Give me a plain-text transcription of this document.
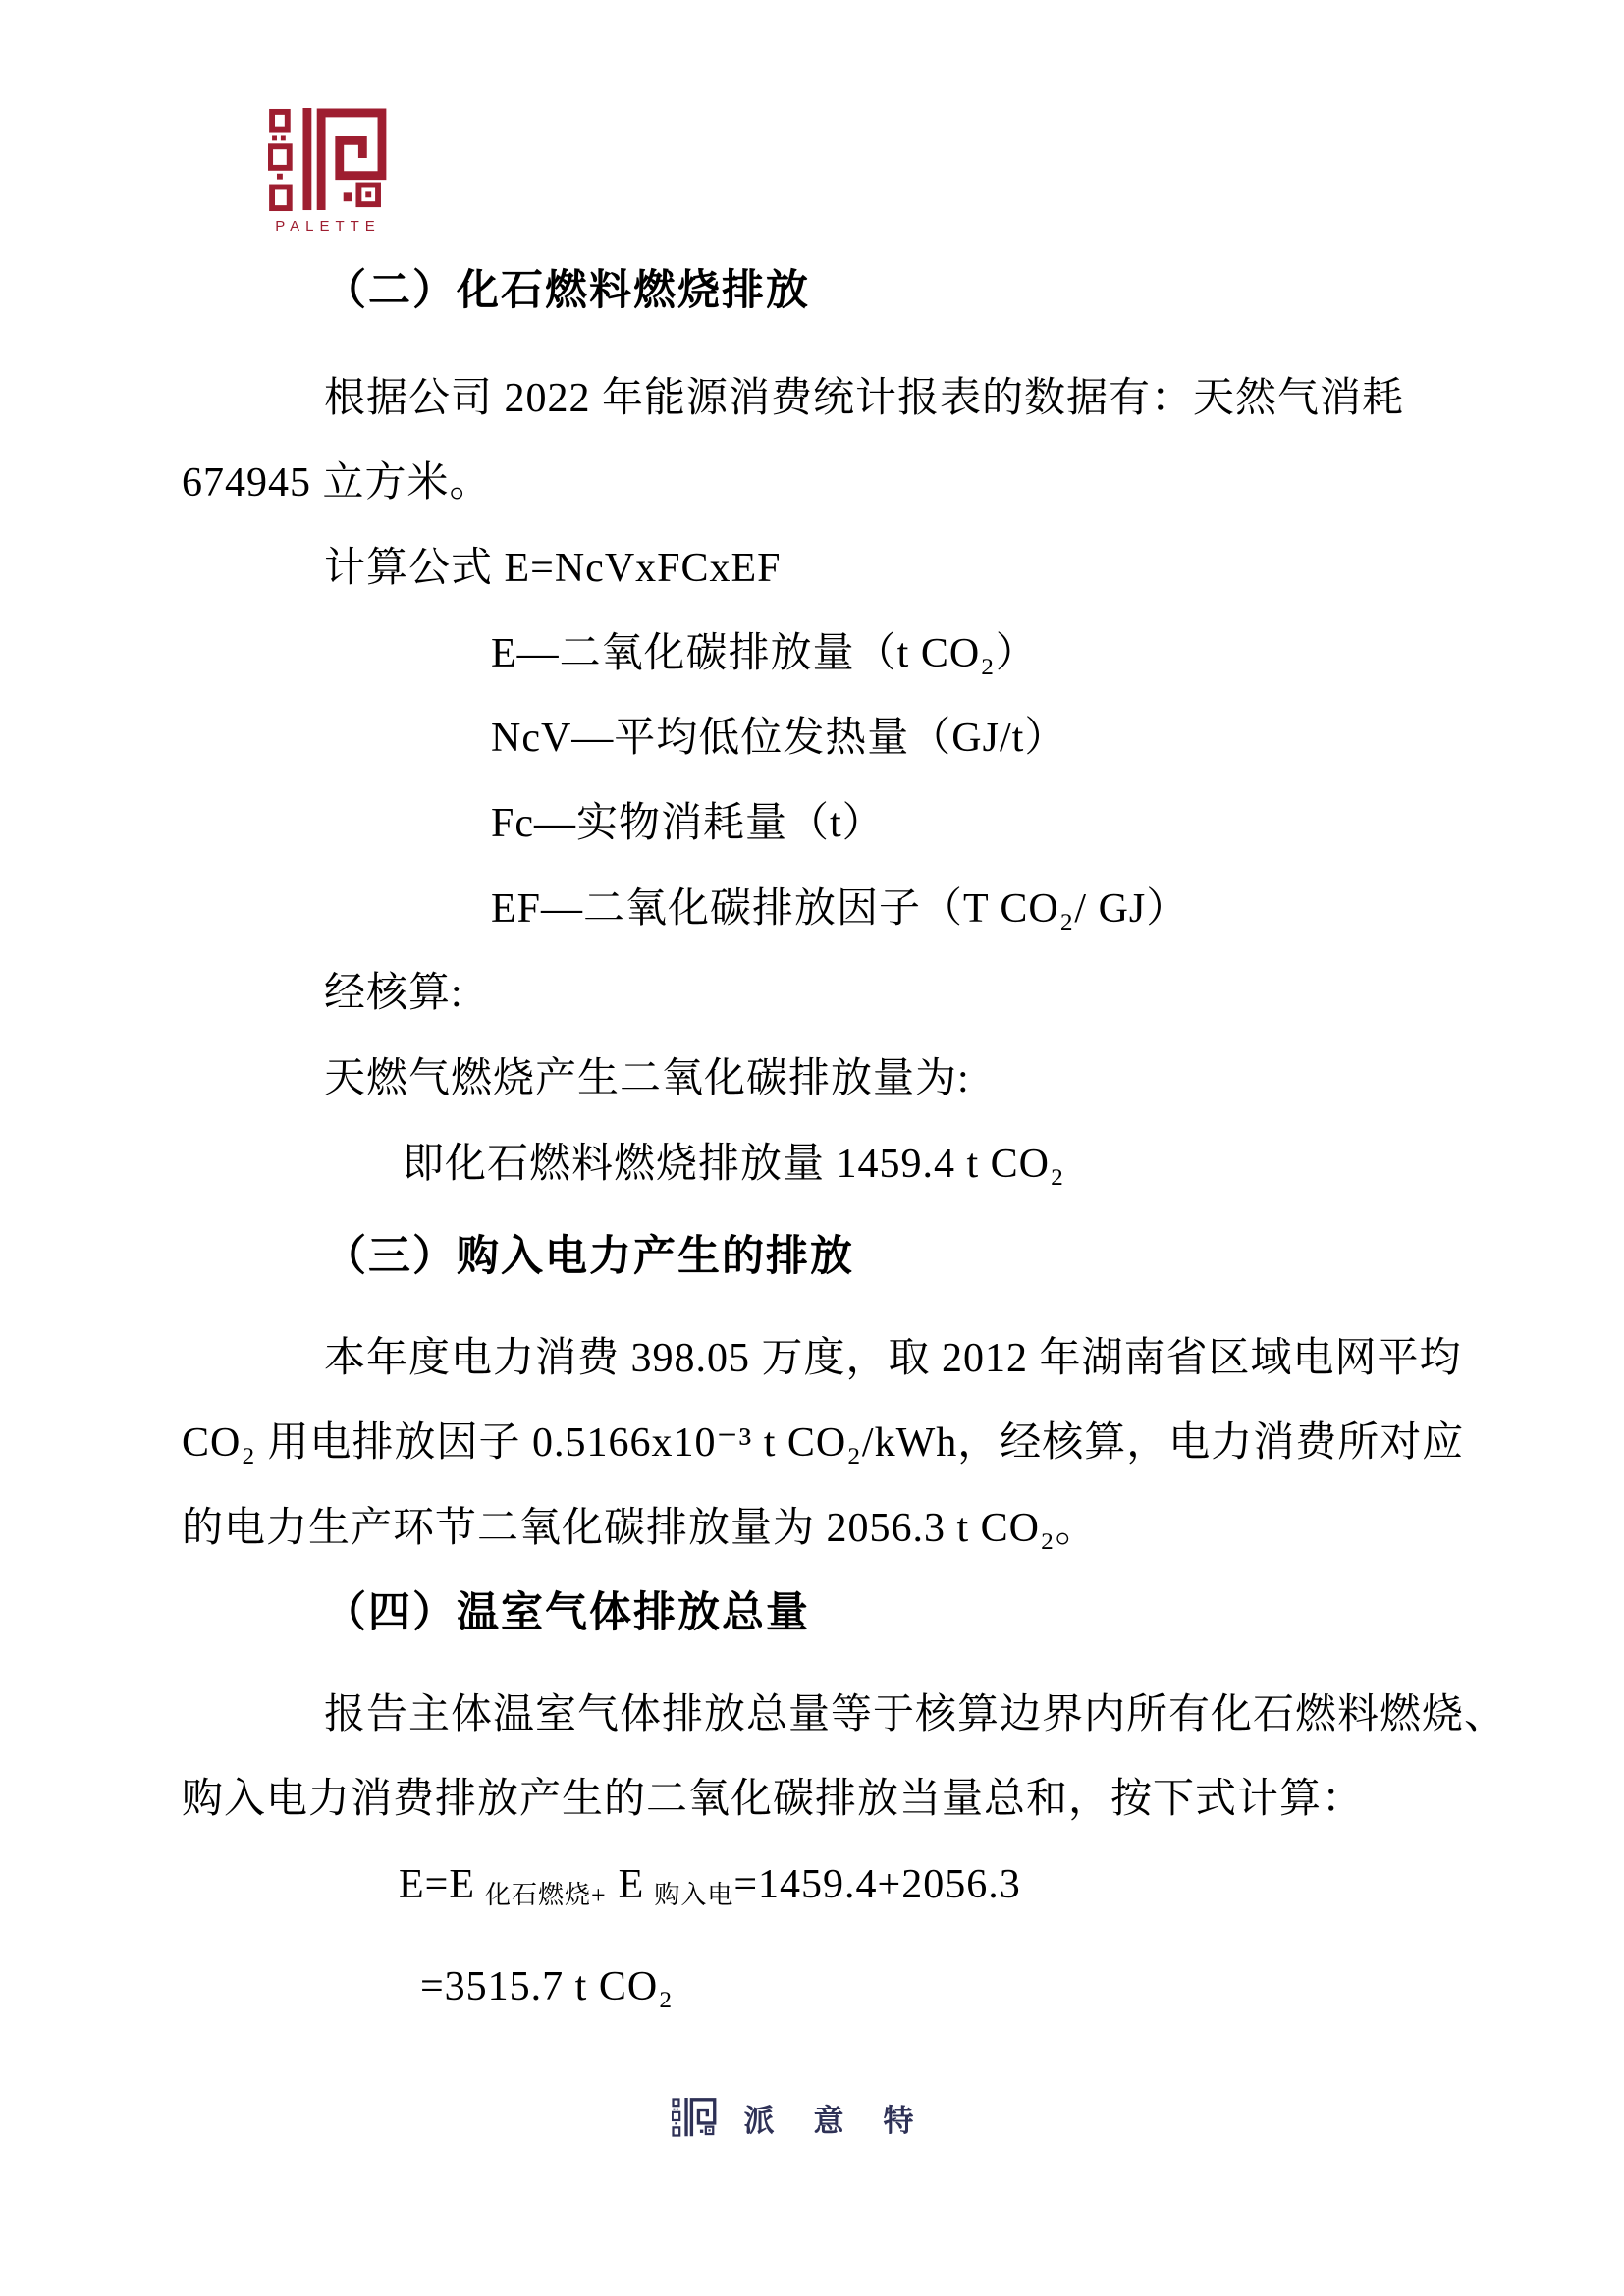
PALETTE
（二）化石燃料燃烧排放
根据公司 2022 年能源消费统计报表的数据有：天然气消耗
674945 立方米。
计算公式 E=NcVxFCxEF
E—二氧化碳排放量（t CO₂）
NcV—平均低位发热量（GJ/t）
Fc—实物消耗量（t）
EF—二氧化碳排放因子（T CO₂/ GJ）
经核算:
天燃气燃烧产生二氧化碳排放量为:
即化石燃料燃烧排放量 1459.4 t CO₂
（三）购入电力产生的排放
本年度电力消费 398.05 万度，取 2012 年湖南省区域电网平均
CO₂ 用电排放因子 0.5166x10⁻³ t CO₂/kWh，经核算，电力消费所对应
的电力生产环节二氧化碳排放量为 2056.3 t CO₂。
（四）温室气体排放总量
报告主体温室气体排放总量等于核算边界内所有化石燃料燃烧、
购入电力消费排放产生的二氧化碳排放当量总和，按下式计算：
E=E 化石燃烧+ E 购入电=1459.4+2056.3
=3515.7 t CO₂
派意特
